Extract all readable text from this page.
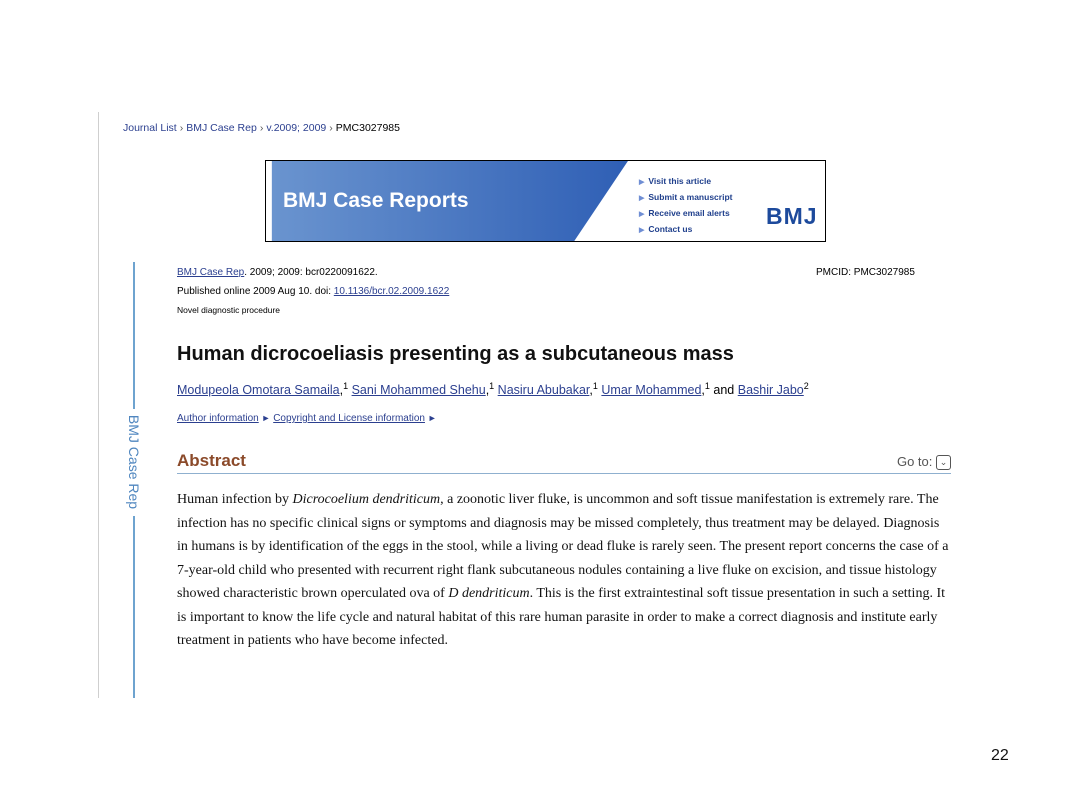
Journal List › BMJ Case Rep › v.2009; 2009 › PMC3027985
BMJ Case Reports
▶ Visit this article
▶ Submit a manuscript
▶ Receive email alerts
▶ Contact us	BMJ
BMJ Case Rep
BMJ Case Rep. 2009; 2009: bcr0220091622.	PMCID: PMC3027985
Published online 2009 Aug 10. doi: 10.1136/bcr.02.2009.1622
Novel diagnostic procedure
Human dicrocoeliasis presenting as a subcutaneous mass
Modupeola Omotara Samaila,$^1$ Sani Mohammed Shehu,$^1$ Nasiru Abubakar,$^1$ Umar Mohammed,$^1$ and Bashir Jabo$^2$
Author information ► Copyright and License information ►
Abstract	Go to: ⌄

Human infection by Dicrocoelium dendriticum, a zoonotic liver fluke, is uncommon and soft tissue manifestation is extremely rare. The infection has no specific clinical signs or symptoms and diagnosis may be missed completely, thus treatment may be delayed. Diagnosis in humans is by identification of the eggs in the stool, while a living or dead fluke is rarely seen. The present report concerns the case of a 7-year-old child who presented with recurrent right flank subcutaneous nodules containing a live fluke on excision, and tissue histology showed characteristic brown operculated ova of D dendriticum. This is the first extraintestinal soft tissue presentation in such a setting. It is important to know the life cycle and natural habitat of this rare human parasite in order to make a correct diagnosis and institute early treatment in patients who have become infected.

22
